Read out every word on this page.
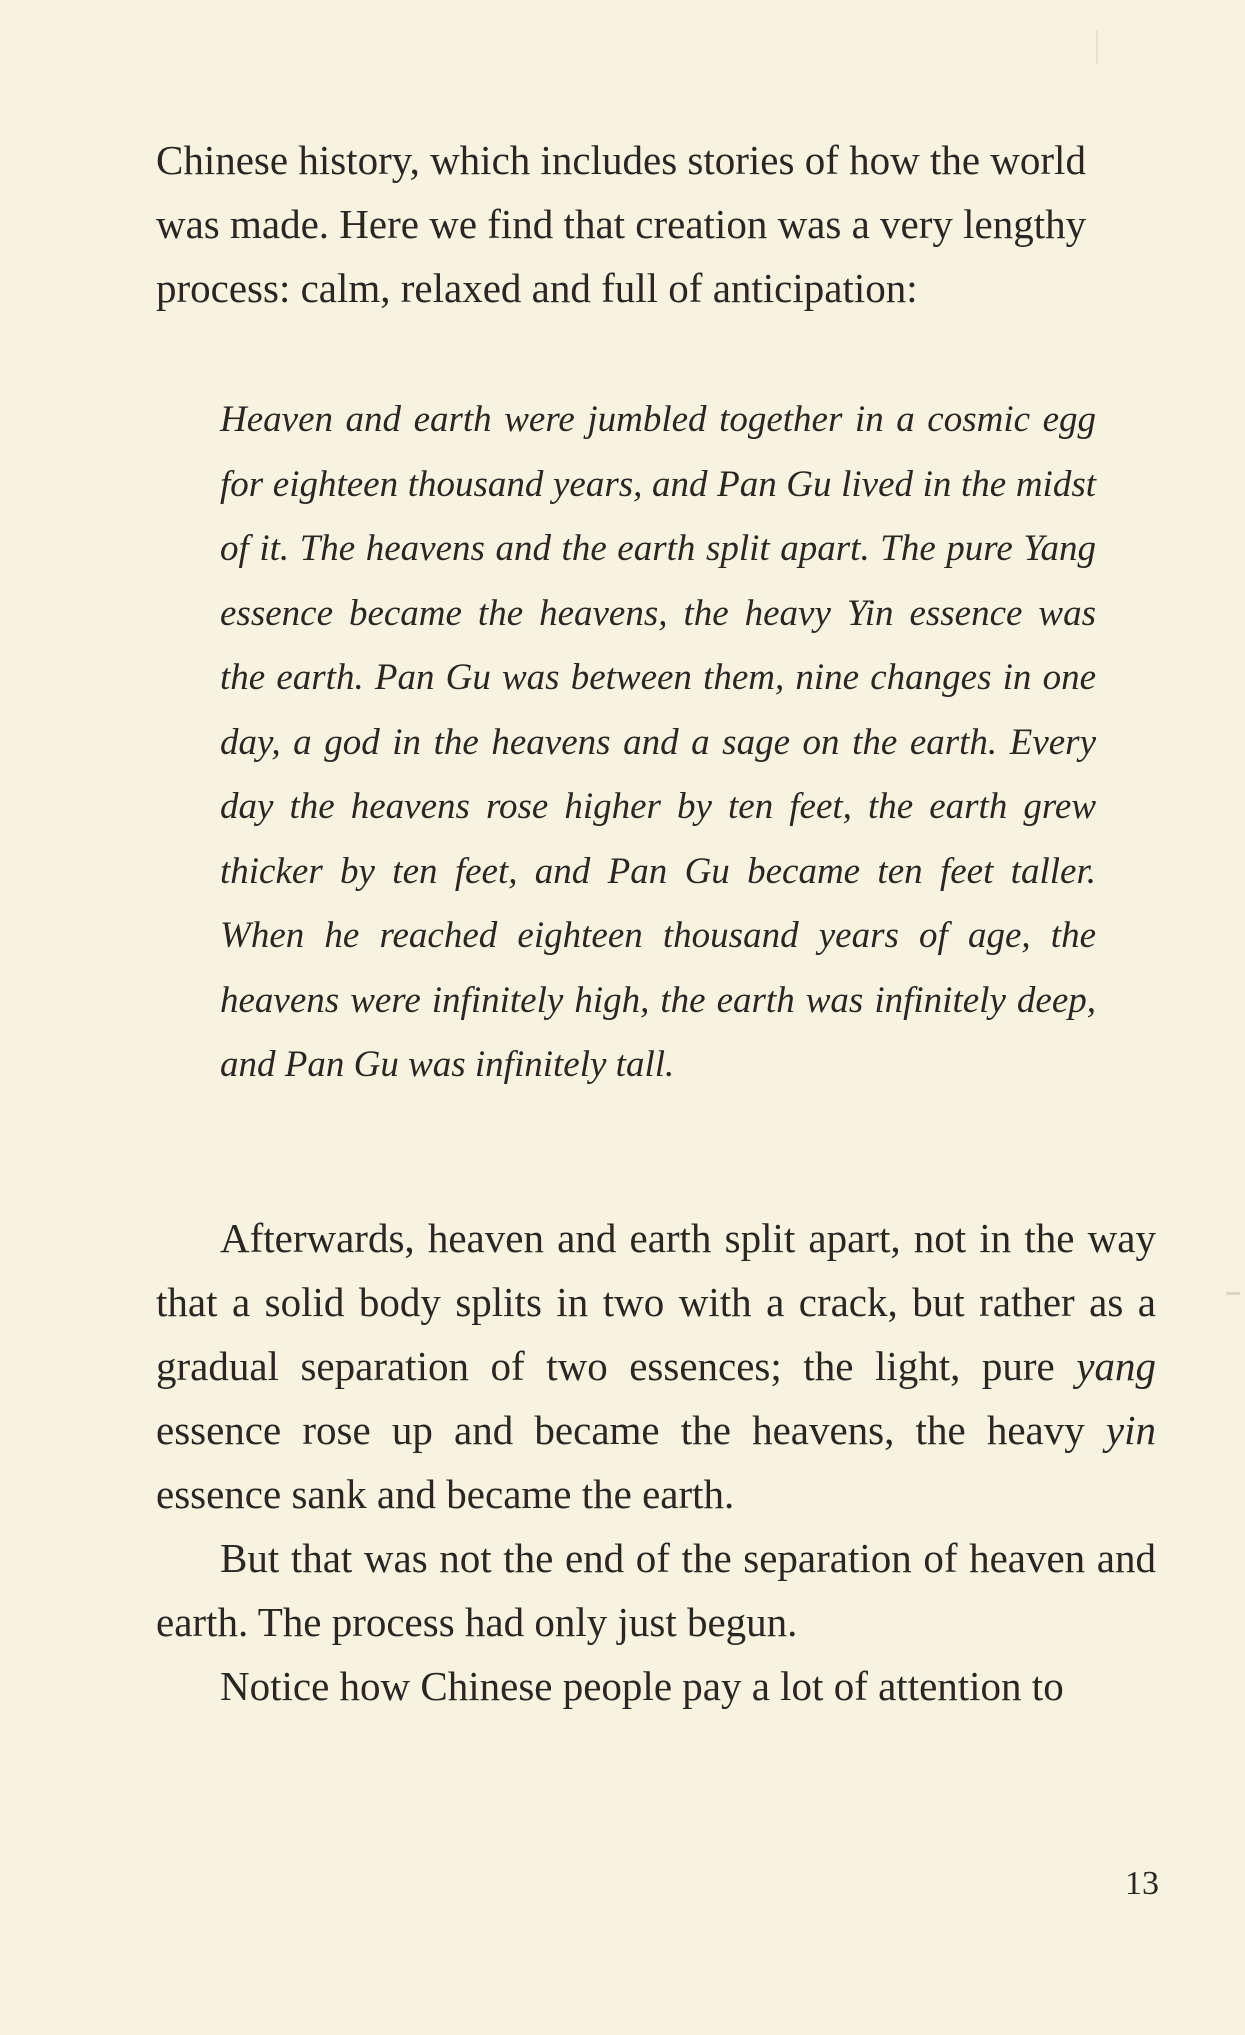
Chinese history, which includes stories of how the world was made. Here we find that creation was a very lengthy process: calm, relaxed and full of anticipation:

Heaven and earth were jumbled together in a cosmic egg for eighteen thousand years, and Pan Gu lived in the midst of it. The heavens and the earth split apart. The pure Yang essence became the heavens, the heavy Yin essence was the earth. Pan Gu was between them, nine changes in one day, a god in the heavens and a sage on the earth. Every day the heavens rose higher by ten feet, the earth grew thicker by ten feet, and Pan Gu became ten feet taller. When he reached eighteen thousand years of age, the heavens were infinitely high, the earth was infinitely deep, and Pan Gu was infinitely tall.

Afterwards, heaven and earth split apart, not in the way that a solid body splits in two with a crack, but rather as a gradual separation of two essences; the light, pure yang essence rose up and became the heavens, the heavy yin essence sank and became the earth.

But that was not the end of the separation of heaven and earth. The process had only just begun.

Notice how Chinese people pay a lot of attention to

13
